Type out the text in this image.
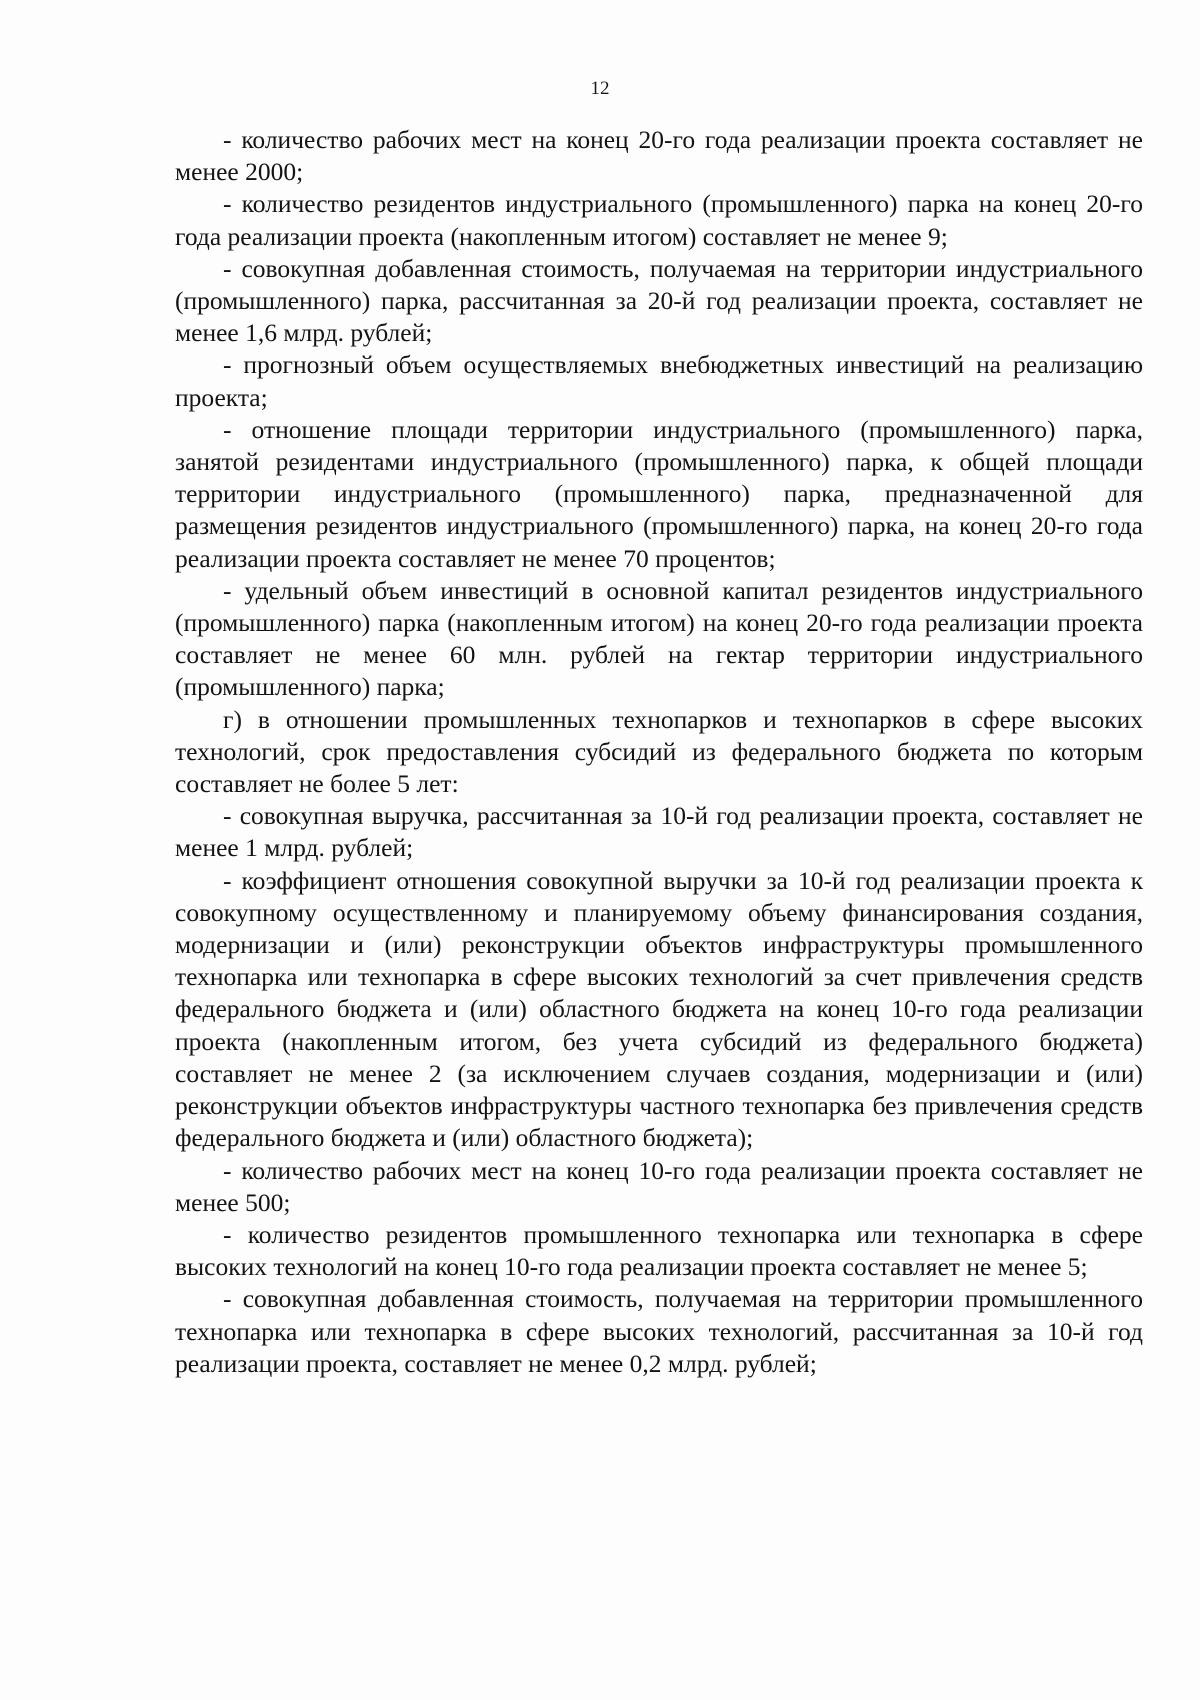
12

- количество рабочих мест на конец 20-го года реализации проекта составляет не менее 2000;

- количество резидентов индустриального (промышленного) парка на конец 20-го года реализации проекта (накопленным итогом) составляет не менее 9;

- совокупная добавленная стоимость, получаемая на территории индустриального (промышленного) парка, рассчитанная за 20-й год реализации проекта, составляет не менее 1,6 млрд. рублей;

- прогнозный объем осуществляемых внебюджетных инвестиций на реализацию проекта;

- отношение площади территории индустриального (промышленного) парка, занятой резидентами индустриального (промышленного) парка, к общей площади территории индустриального (промышленного) парка, предназначенной для размещения резидентов индустриального (промышленного) парка, на конец 20-го года реализации проекта составляет не менее 70 процентов;

- удельный объем инвестиций в основной капитал резидентов индустриального (промышленного) парка (накопленным итогом) на конец 20-го года реализации проекта составляет не менее 60 млн. рублей на гектар территории индустриального (промышленного) парка;

г) в отношении промышленных технопарков и технопарков в сфере высоких технологий, срок предоставления субсидий из федерального бюджета по которым составляет не более 5 лет:

- совокупная выручка, рассчитанная за 10-й год реализации проекта, составляет не менее 1 млрд. рублей;

- коэффициент отношения совокупной выручки за 10-й год реализации проекта к совокупному осуществленному и планируемому объему финансирования создания, модернизации и (или) реконструкции объектов инфраструктуры промышленного технопарка или технопарка в сфере высоких технологий за счет привлечения средств федерального бюджета и (или) областного бюджета на конец 10-го года реализации проекта (накопленным итогом, без учета субсидий из федерального бюджета) составляет не менее 2 (за исключением случаев создания, модернизации и (или) реконструкции объектов инфраструктуры частного технопарка без привлечения средств федерального бюджета и (или) областного бюджета);

- количество рабочих мест на конец 10-го года реализации проекта составляет не менее 500;

- количество резидентов промышленного технопарка или технопарка в сфере высоких технологий на конец 10-го года реализации проекта составляет не менее 5;

- совокупная добавленная стоимость, получаемая на территории промышленного технопарка или технопарка в сфере высоких технологий, рассчитанная за 10-й год реализации проекта, составляет не менее 0,2 млрд. рублей;
